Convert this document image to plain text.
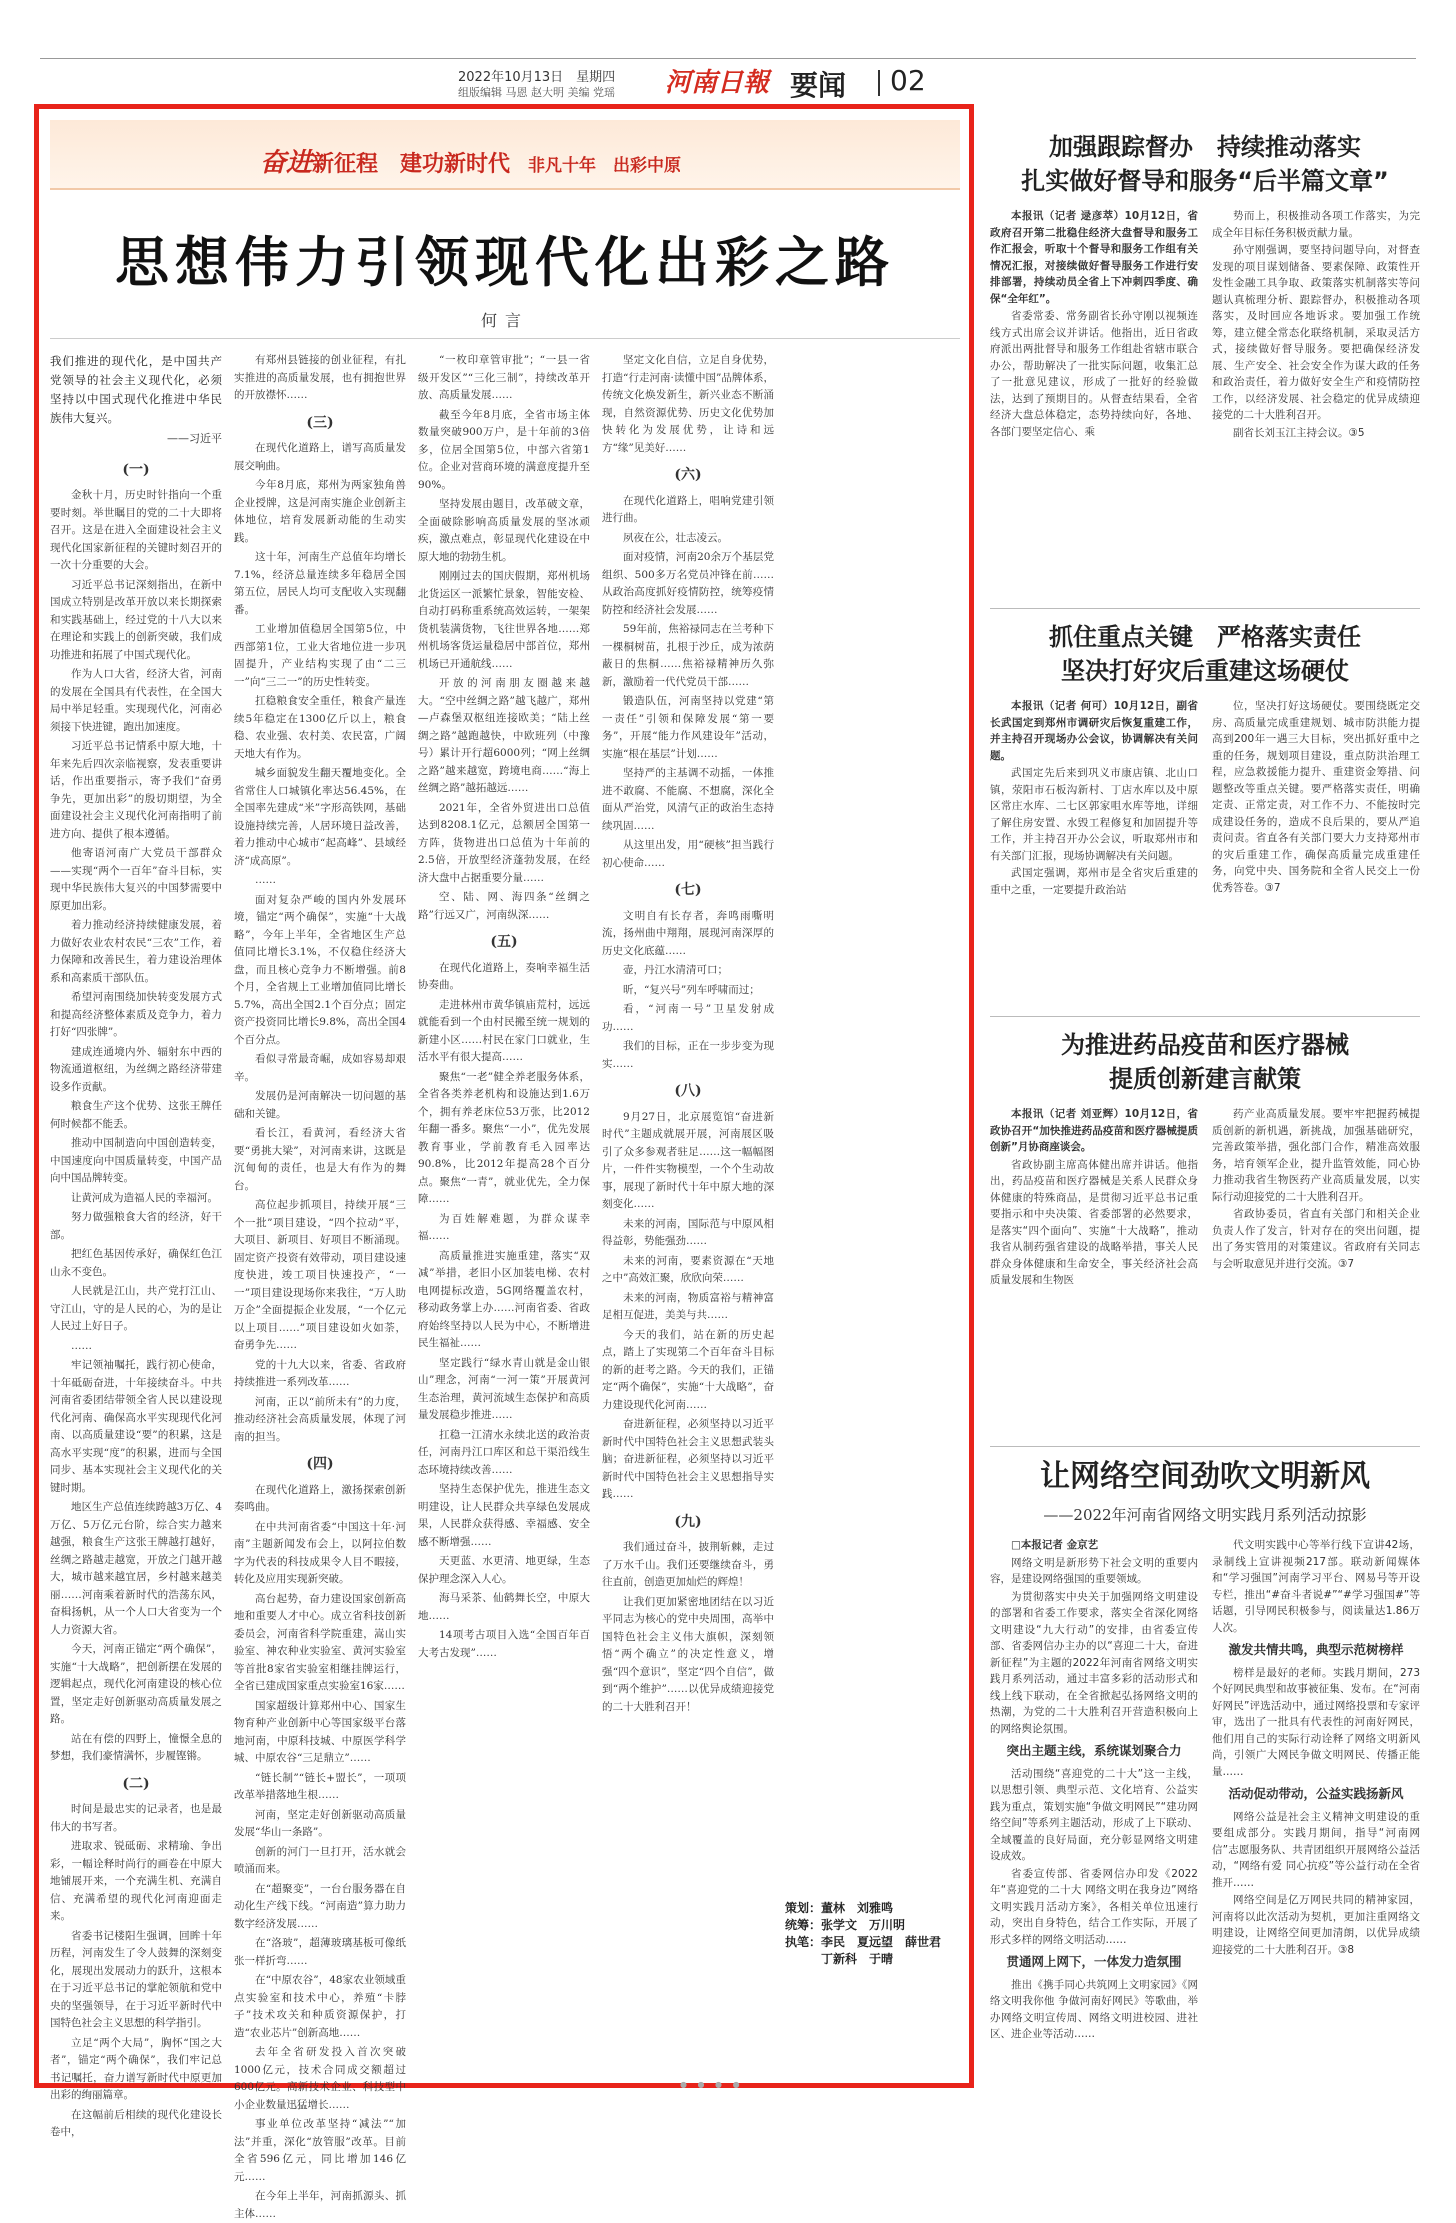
2022年10月13日　星期四
组版编辑 马恩 赵大明 美编 党瑶 河南日報 要闻 02
奋进新征程　建功新时代 非凡十年　出彩中原
思想伟力引领现代化出彩之路
何言

我们推进的现代化，是中国共产党领导的社会主义现代化，必须坚持以中国式现代化推进中华民族伟大复兴。

——习近平

(一)

金秋十月，历史时针指向一个重要时刻。举世瞩目的党的二十大即将召开。这是在进入全面建设社会主义现代化国家新征程的关键时刻召开的一次十分重要的大会。

习近平总书记深刻指出，在新中国成立特别是改革开放以来长期探索和实践基础上，经过党的十八大以来在理论和实践上的创新突破，我们成功推进和拓展了中国式现代化。

作为人口大省，经济大省，河南的发展在全国具有代表性，在全国大局中举足轻重。实现现代化，河南必须接下快进键，跑出加速度。

习近平总书记情系中原大地，十年来先后四次亲临视察，发表重要讲话，作出重要指示，寄予我们“奋勇争先，更加出彩”的殷切期望，为全面建设社会主义现代化河南指明了前进方向、提供了根本遵循。

他寄语河南广大党员干部群众——实现“两个一百年”奋斗目标，实现中华民族伟大复兴的中国梦需要中原更加出彩。

着力推动经济持续健康发展，着力做好农业农村农民“三农”工作，着力保障和改善民生，着力建设治理体系和高素质干部队伍。

希望河南围绕加快转变发展方式和提高经济整体素质及竞争力，着力打好“四张牌”。

建成连通境内外、辐射东中西的物流通道枢纽，为丝绸之路经济带建设多作贡献。

粮食生产这个优势、这张王牌任何时候都不能丢。

推动中国制造向中国创造转变，中国速度向中国质量转变，中国产品向中国品牌转变。

让黄河成为造福人民的幸福河。

努力做强粮食大省的经济，好干部。

把红色基因传承好，确保红色江山永不变色。

人民就是江山，共产党打江山、守江山，守的是人民的心，为的是让人民过上好日子。

……

牢记领袖嘱托，践行初心使命，十年砥砺奋进，十年接续奋斗。中共河南省委团结带领全省人民以建设现代化河南、确保高水平实现现代化河南、以高质量建设“要”的积累，这是高水平实现“度”的积累，进而与全国同步、基本实现社会主义现代化的关键时期。

地区生产总值连续跨越3万亿、4万亿、5万亿元台阶，综合实力越来越强，粮食生产这张王牌越打越好，丝绸之路越走越宽，开放之门越开越大，城市越来越宜居，乡村越来越美丽……河南乘着新时代的浩荡东风，奋楫扬帆，从一个人口大省变为一个人力资源大省。

今天，河南正锚定“两个确保”，实施“十大战略”，把创新摆在发展的逻辑起点，现代化河南建设的核心位置，坚定走好创新驱动高质量发展之路。

站在有偿的四野上，憧憬全息的梦想，我们豪情满怀，步履铿锵。

(二)

时间是最忠实的记录者，也是最伟大的书写者。

进取求、锐砥砺、求精瑜、争出彩，一幅诠释时尚行的画卷在中原大地铺展开来，一个充满生机、充满自信、充满希望的现代化河南迎面走来。

省委书记楼阳生强调，回眸十年历程，河南发生了令人鼓舞的深刻变化，展现出发展动力的跃升，这根本在于习近平总书记的掌舵领航和党中央的坚强领导，在于习近平新时代中国特色社会主义思想的科学指引。

立足“两个大局”，胸怀“国之大者”，锚定“两个确保”，我们牢记总书记嘱托，奋力谱写新时代中原更加出彩的绚丽篇章。

在这幅前后相续的现代化建设长卷中，

有郑州县链接的创业征程，有扎实推进的高质量发展，也有拥抱世界的开放襟怀……

(三)

在现代化道路上，谱写高质量发展交响曲。

今年8月底，郑州为两家独角兽企业授牌，这是河南实施企业创新主体地位，培育发展新动能的生动实践。

这十年，河南生产总值年均增长7.1%，经济总量连续多年稳居全国第五位，居民人均可支配收入实现翻番。

工业增加值稳居全国第5位，中西部第1位，工业大省地位进一步巩固提升，产业结构实现了由“二三一”向“三二一”的历史性转变。

扛稳粮食安全重任，粮食产量连续5年稳定在1300亿斤以上，粮食稳、农业强、农村美、农民富，广阔天地大有作为。

城乡面貌发生翻天覆地变化。全省常住人口城镇化率达56.45%，在全国率先建成“米”字形高铁网，基础设施持续完善，人居环境日益改善，着力推动中心城市“起高峰”、县域经济“成高原”。

……

面对复杂严峻的国内外发展环境，锚定“两个确保”，实施“十大战略”，今年上半年，全省地区生产总值同比增长3.1%，不仅稳住经济大盘，而且核心竞争力不断增强。前8个月，全省规上工业增加值同比增长5.7%，高出全国2.1个百分点；固定资产投资同比增长9.8%，高出全国4个百分点。

看似寻常最奇崛，成如容易却艰辛。

发展仍是河南解决一切问题的基础和关键。

看长江，看黄河，看经济大省要“勇挑大梁”，对河南来讲，这既是沉甸甸的责任，也是大有作为的舞台。

高位起步抓项目，持续开展“三个一批”项目建设，“四个拉动”平，大项目、新项目、好项目不断涌现。固定资产投资有效带动，项目建设速度快进，竣工项目快速投产，“一一”项目建设现场你来我往，“万人助万企”全面提振企业发展，“一个亿元以上项目……”项目建设如火如荼，奋勇争先……

党的十九大以来，省委、省政府持续推进一系列改革……

河南，正以“前所未有”的力度，推动经济社会高质量发展，体现了河南的担当。

(四)

在现代化道路上，激扬探索创新奏鸣曲。

在中共河南省委“中国这十年·河南”主题新闻发布会上，以阿拉伯数字为代表的科技成果令人目不暇接，转化及应用实现新突破。

高台起势，奋力建设国家创新高地和重要人才中心。成立省科技创新委员会，河南省科学院重建，嵩山实验室、神农种业实验室、黄河实验室等首批8家省实验室相继挂牌运行，全省已建成国家重点实验室16家……

国家超级计算郑州中心、国家生物育种产业创新中心等国家级平台落地河南，中原科技城、中原医学科学城、中原农谷“三足鼎立”……

“链长制”“链长+盟长”，一项项改革举措落地生根……

河南，坚定走好创新驱动高质量发展“华山一条路”。

创新的河门一旦打开，活水就会喷涌而来。

在“超聚变”，一台台服务器在自动化生产线下线。“河南造”算力助力数字经济发展……

在“洛玻”，超薄玻璃基板可像纸张一样折弯……

在“中原农谷”，48家农业领域重点实验室和技术中心，养殖“卡脖子”技术攻关和种质资源保护，打造“农业芯片”创新高地……

去年全省研发投入首次突破1000亿元，技术合同成交额超过600亿元。高新技术企业、科技型中小企业数量迅猛增长……

事业单位改革坚持“减法”“加法”并重，深化“放管服”改革。目前全省596亿元，同比增加146亿元……

在今年上半年，河南抓源头、抓主体……

“一枚印章管审批”；“一县一省级开发区”“三化三制”，持续改革开放、高质量发展……

截至今年8月底，全省市场主体数量突破900万户，是十年前的3倍多，位居全国第5位，中部六省第1位。企业对营商环境的满意度提升至90%。

坚持发展由题目，改革破文章，全面破除影响高质量发展的坚冰顽疾，激点难点，彰显现代化建设在中原大地的勃勃生机。

刚刚过去的国庆假期，郑州机场北货运区一派繁忙景象，智能安检、自动打码称重系统高效运转，一架架货机装满货物，飞往世界各地……郑州机场客货运量稳居中部首位，郑州机场已开通航线……

开放的河南朋友圈越来越大。“空中丝绸之路”越飞越广，郑州—卢森堡双枢纽连接欧美；“陆上丝绸之路”越跑越快，中欧班列（中豫号）累计开行超6000列；“网上丝绸之路”越来越宽，跨境电商……“海上丝绸之路”越拓越远……

2021年，全省外贸进出口总值达到8208.1亿元，总额居全国第一方阵，货物进出口总值为十年前的2.5倍，开放型经济蓬勃发展，在经济大盘中占据重要分量……

空、陆、网、海四条“丝绸之路”行远又广，河南纵深……

(五)

在现代化道路上，奏响幸福生活协奏曲。

走进林州市黄华镇庙荒村，远远就能看到一个由村民搬至统一规划的新建小区……村民在家门口就业，生活水平有很大提高……

聚焦“一老”健全养老服务体系，全省各类养老机构和设施达到1.6万个，拥有养老床位53万张，比2012年翻一番多。聚焦“一小”，优先发展教育事业，学前教育毛入园率达90.8%，比2012年提高28个百分点。聚焦“一青”，就业优先，全力保障……

为百姓解难题，为群众谋幸福……

高质量推进实施重建，落实“双减”举措，老旧小区加装电梯、农村电网提标改造，5G网络覆盖农村，移动政务掌上办……河南省委、省政府始终坚持以人民为中心，不断增进民生福祉……

坚定践行“绿水青山就是金山银山”理念，河南“一河一策”开展黄河生态治理，黄河流域生态保护和高质量发展稳步推进……

扛稳一江清水永续北送的政治责任，河南丹江口库区和总干渠沿线生态环境持续改善……

坚持生态保护优先，推进生态文明建设，让人民群众共享绿色发展成果，人民群众获得感、幸福感、安全感不断增强……

天更蓝、水更清、地更绿，生态保护理念深入人心。

海马采茶、仙鹤舞长空，中原大地……

14项考古项目入选“全国百年百大考古发现”……

坚定文化自信，立足自身优势，打造“行走河南·读懂中国”品牌体系，传统文化焕发新生，新兴业态不断涌现，自然资源优势、历史文化优势加快转化为发展优势，让诗和远方“缘”见美好……

(六)

在现代化道路上，唱响党建引领进行曲。

夙夜在公，壮志凌云。

面对疫情，河南20余万个基层党组织、500多万名党员冲锋在前……从政治高度抓好疫情防控，统筹疫情防控和经济社会发展……

59年前，焦裕禄同志在兰考种下一棵桐树苗，扎根于沙丘，成为浓荫蔽日的焦桐……焦裕禄精神历久弥新，激励着一代代党员干部……

锻造队伍，河南坚持以党建“第一责任”引领和保障发展“第一要务”，开展“能力作风建设年”活动，实施“根在基层”计划……

坚持严的主基调不动摇，一体推进不敢腐、不能腐、不想腐，深化全面从严治党，风清气正的政治生态持续巩固……

从这里出发，用“硬核”担当践行初心使命……

(七)

文明自有长存者，奔鸣雨嘶明流，扬州曲中翔翔，展现河南深厚的历史文化底蕴……

壶，丹江水清清可口；

昕，“复兴号”列车呼啸而过；

看，“河南一号”卫星发射成功……

我们的目标，正在一步步变为现实……

(八)

9月27日，北京展览馆“奋进新时代”主题成就展开展，河南展区吸引了众多参观者驻足……这一幅幅图片，一件件实物模型，一个个生动故事，展现了新时代十年中原大地的深刻变化……

未来的河南，国际范与中原风相得益彰，势能强劲……

未来的河南，要素资源在“天地之中”高效汇聚，欣欣向荣……

未来的河南，物质富裕与精神富足相互促进，美美与共……

今天的我们，站在新的历史起点，踏上了实现第二个百年奋斗目标的新的赶考之路。今天的我们，正锚定“两个确保”，实施“十大战略”，奋力建设现代化河南……

奋进新征程，必须坚持以习近平新时代中国特色社会主义思想武装头脑；奋进新征程，必须坚持以习近平新时代中国特色社会主义思想指导实践……

(九)

我们通过奋斗，披荆斩棘，走过了万水千山。我们还要继续奋斗，勇往直前，创造更加灿烂的辉煌！

让我们更加紧密地团结在以习近平同志为核心的党中央周围，高举中国特色社会主义伟大旗帜，深刻领悟“两个确立”的决定性意义，增强“四个意识”，坚定“四个自信”，做到“两个维护”……以优异成绩迎接党的二十大胜利召开！

策划：董林　刘雅鸣
统筹：张学文　万川明
执笔：李民　夏远望　薛世君
　　　丁新科　于晴
加强跟踪督办　持续推动落实
扎实做好督导和服务“后半篇文章”

本报讯（记者 逯彦萃）10月12日，省政府召开第二批稳住经济大盘督导和服务工作汇报会，听取十个督导和服务工作组有关情况汇报，对接续做好督导服务工作进行安排部署，持续动员全省上下冲刺四季度、确保“全年红”。

省委常委、常务副省长孙守刚以视频连线方式出席会议并讲话。他指出，近日省政府派出两批督导和服务工作组赴省辖市联合办公，帮助解决了一批实际问题，收集汇总了一批意见建议，形成了一批好的经验做法，达到了预期目的。从督查结果看，全省经济大盘总体稳定，态势持续向好，各地、各部门要坚定信心、乘

势而上，积极推动各项工作落实，为完成全年目标任务积极贡献力量。

孙守刚强调，要坚持问题导向，对督查发现的项目谋划储备、要素保障、政策性开发性金融工具争取、政策落实机制落实等问题认真梳理分析、跟踪督办，积极推动各项落实，及时回应各地诉求。要加强工作统筹，建立健全常态化联络机制，采取灵活方式，接续做好督导服务。要把确保经济发展、生产安全、社会安全作为谋大政的任务和政治责任，着力做好安全生产和疫情防控工作，以经济发展、社会稳定的优异成绩迎接党的二十大胜利召开。

副省长刘玉江主持会议。③5

抓住重点关键　严格落实责任
坚决打好灾后重建这场硬仗

本报讯（记者 何可）10月12日，副省长武国定到郑州市调研灾后恢复重建工作，并主持召开现场办公会议，协调解决有关问题。

武国定先后来到巩义市康店镇、北山口镇，荥阳市石板沟新村、丁店水库以及中原区常庄水库、二七区郭家咀水库等地，详细了解住房安置、水毁工程修复和加固提升等工作，并主持召开办公会议，听取郑州市和有关部门汇报，现场协调解决有关问题。

武国定强调，郑州市是全省灾后重建的重中之重，一定要提升政治站

位，坚决打好这场硬仗。要围绕既定交房、高质量完成重建规划、城市防洪能力提高到200年一遇三大目标，突出抓好重中之重的任务，规划项目建设，重点防洪治理工程，应急救援能力提升、重建资金筹措、问题整改等重点关键。要严格落实责任，明确定责、正常定责，对工作不力、不能按时完成建设任务的，造成不良后果的，要从严追责问责。省直各有关部门要大力支持郑州市的灾后重建工作，确保高质量完成重建任务，向党中央、国务院和全省人民交上一份优秀答卷。③7

为推进药品疫苗和医疗器械
提质创新建言献策

本报讯（记者 刘亚辉）10月12日，省政协召开“加快推进药品疫苗和医疗器械提质创新”月协商座谈会。

省政协副主席高体健出席并讲话。他指出，药品疫苗和医疗器械是关系人民群众身体健康的特殊商品，是贯彻习近平总书记重要指示和中央决策、省委部署的必然要求，是落实“四个面向”、实施“十大战略”，推动我省从制药强省建设的战略举措，事关人民群众身体健康和生命安全，事关经济社会高质量发展和生物医

药产业高质量发展。要牢牢把握药械提质创新的新机遇，新挑战，加强基础研究，完善政策举措，强化部门合作，精准高效服务，培育领军企业，提升监管效能，同心协力推动我省生物医药产业高质量发展，以实际行动迎接党的二十大胜利召开。

省政协委员，省直有关部门和相关企业负责人作了发言，针对存在的突出问题，提出了务实管用的对策建议。省政府有关同志与会听取意见并进行交流。③7

让网络空间劲吹文明新风
——2022年河南省网络文明实践月系列活动掠影

□本报记者 金京艺

网络文明是新形势下社会文明的重要内容，是建设网络强国的重要领域。

为贯彻落实中央关于加强网络文明建设的部署和省委工作要求，落实全省深化网络文明建设“九大行动”的安排，由省委宣传部、省委网信办主办的以“喜迎二十大，奋进新征程”为主题的2022年河南省网络文明实践月系列活动，通过丰富多彩的活动形式和线上线下联动，在全省掀起弘扬网络文明的热潮，为党的二十大胜利召开营造积极向上的网络舆论氛围。

突出主题主线，系统谋划聚合力

活动围绕“喜迎党的二十大”这一主线，以思想引领、典型示范、文化培育、公益实践为重点，策划实施“争做文明网民”“建功网络空间”等系列主题活动，形成了上下联动、全域覆盖的良好局面，充分彰显网络文明建设成效。

省委宣传部、省委网信办印发《2022年“喜迎党的二十大 网络文明在我身边”网络文明实践月活动方案》，各相关单位迅速行动，突出自身特色，结合工作实际，开展了形式多样的网络文明活动……

贯通网上网下，一体发力造氛围

推出《携手同心共筑网上文明家园》《网络文明我你他 争做河南好网民》等歌曲，举办网络文明宣传周、网络文明进校园、进社区、进企业等活动……

代文明实践中心等举行线下宣讲42场，录制线上宣讲视频217部。联动新闻媒体和“学习强国”河南学习平台、网易号等开设专栏，推出“#奋斗者说#”“#学习强国#”等话题，引导网民积极参与，阅读量达1.86万人次。

激发共情共鸣，典型示范树榜样

榜样是最好的老师。实践月期间，273个好网民典型和故事被征集、发布。在“河南好网民”评选活动中，通过网络投票和专家评审，选出了一批具有代表性的河南好网民，他们用自己的实际行动诠释了网络文明新风尚，引领广大网民争做文明网民、传播正能量……

活动促动带动，公益实践扬新风

网络公益是社会主义精神文明建设的重要组成部分。实践月期间，指导“河南网信”志愿服务队、共青团组织开展网络公益活动，“网络有爱 同心抗疫”等公益行动在全省推开……

网络空间是亿万网民共同的精神家园，河南将以此次活动为契机，更加注重网络文明建设，让网络空间更加清朗，以优异成绩迎接党的二十大胜利召开。③8

● ● ● ●
